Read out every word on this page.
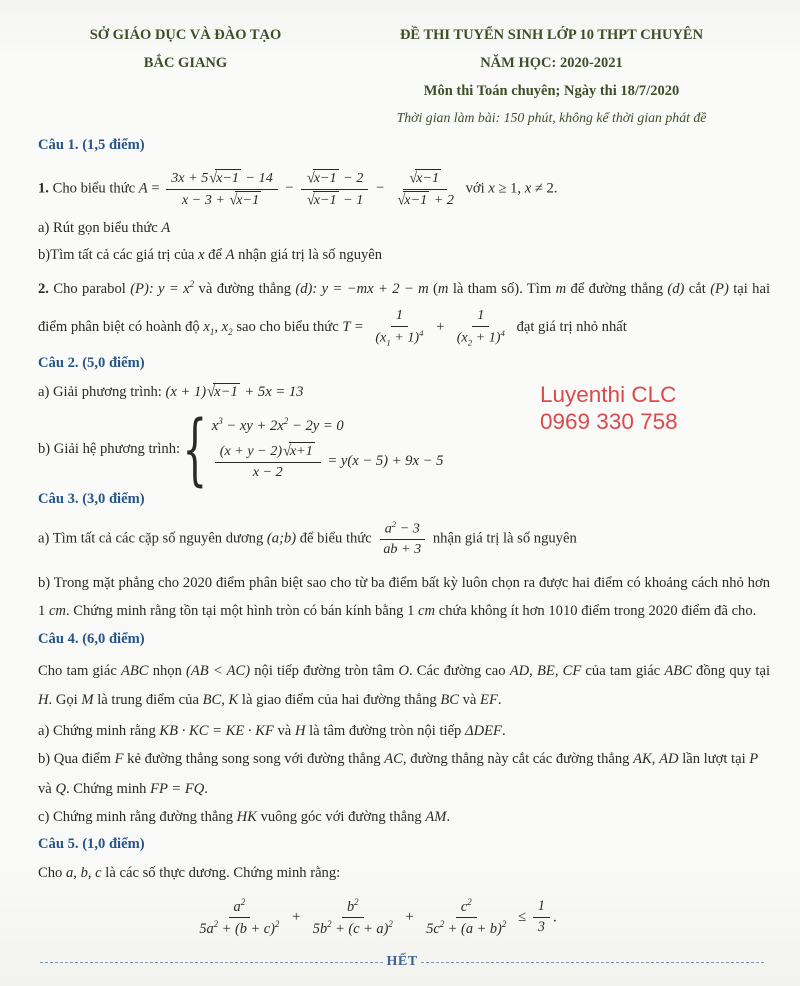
SỞ GIÁO DỤC VÀ ĐÀO TẠO
BẮC GIANG
ĐỀ THI TUYỂN SINH LỚP 10 THPT CHUYÊN
NĂM HỌC: 2020-2021
Môn thi Toán chuyên; Ngày thi 18/7/2020
Thời gian làm bài: 150 phút, không kể thời gian phát đề

Câu 1. (1,5 điểm)

1. Cho biểu thức $A = \frac{3x + 5√x-1 - 14}{x - 3 + √x-1} - \frac{√x-1 - 2}{√x-1 - 1} - \frac{√x-1}{√x-1 + 2}$ với x ≥ 1, x ≠ 2.

a) Rút gọn biểu thức A

b)Tìm tất cả các giá trị của x để A nhận giá trị là số nguyên

2. Cho parabol (P): $y = x^2$ và đường thẳng (d): y = −mx + 2 − m (m là tham số). Tìm m để đường thẳng (d) cắt (P) tại hai điểm phân biệt có hoành độ $x_1$, $x_2$ sao cho biểu thức $T = \frac{1}{(x_1 + 1)^4} + \frac{1}{(x_2 + 1)^4}$ đạt giá trị nhỏ nhất

Câu 2. (5,0 điểm)

a) Giải phương trình: (x + 1)√x−1 + 5x = 13

b) Giải hệ phương trình: { $x^3$ − xy + $2x^2 - 2y = 0$
$\frac{(x + y - 2)√x+1}{x - 2} = y(x - 5) + 9x - 5$

Câu 3. (3,0 điểm)

a) Tìm tất cả các cặp số nguyên dương (a;b) để biểu thức $\frac{a^2 - 3}{ab + 3}$ nhận giá trị là số nguyên

b) Trong mặt phẳng cho 2020 điểm phân biệt sao cho từ ba điểm bất kỳ luôn chọn ra được hai điểm có khoảng cách nhỏ hơn 1 cm. Chứng minh rằng tồn tại một hình tròn có bán kính bằng 1 cm chứa không ít hơn 1010 điểm trong 2020 điểm đã cho.

Câu 4. (6,0 điểm)

Cho tam giác ABC nhọn (AB < AC) nội tiếp đường tròn tâm O. Các đường cao AD, BE, CF của tam giác ABC đồng quy tại H. Gọi M là trung điểm của BC, K là giao điểm của hai đường thẳng BC và EF.

a) Chứng minh rằng KB · KC = KE · KF và H là tâm đường tròn nội tiếp ΔDEF.

b) Qua điểm F kẻ đường thẳng song song với đường thẳng AC, đường thẳng này cắt các đường thẳng AK, AD lần lượt tại P và Q. Chứng minh FP = FQ.

c) Chứng minh rằng đường thẳng HK vuông góc với đường thẳng AM.

Câu 5. (1,0 điểm)

Cho a, b, c là các số thực dương. Chứng minh rằng:

$\frac{a^2}{5a^2 + (b + c)^2} + \frac{b^2}{5b^2 + (c + a)^2} + \frac{c^2}{5c^2 + (a + b)^2} \le \frac{1}{3}$ .

Luyenthi CLC
0969 330 758
HẾT
